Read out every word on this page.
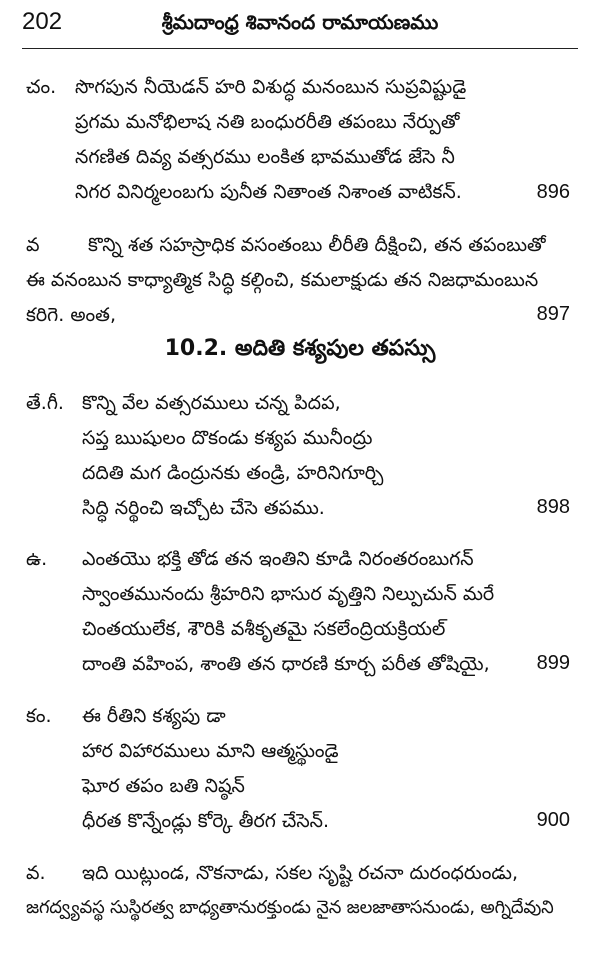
202	శ్రీమదాంధ్ర శివానంద రామాయణము
చం. సొగపున నీయెడన్ హరి విశుద్ధ మనంబున సుప్రవిష్టుడై
ప్రగమ మనోభిలాష నతి బంధురరీతి తపంబు నేర్పుతో
నగణిత దివ్య వత్సరము లంకిత భావముతోడ జేసె నీ
నిగర వినిర్మలంబగు పునీత నితాంత నిశాంత వాటికన్.	896
వ	కొన్ని శత సహస్రాధిక వసంతంబు లీరీతి దీక్షించి, తన తపంబుతో
ఈ వనంబున కాధ్యాత్మిక సిద్ధి కల్గించి, కమలాక్షుడు తన నిజధామంబున
కరిగె. అంత,	897
10.2. అదితి కశ్యపుల తపస్సు
తే.గీ. కొన్ని వేల వత్సరములు చన్న పిదప,
సప్త ఋషులం దొకండు కశ్యప మునీంద్రు
దదితి మగ డింద్రునకు తండ్రి, హరినిగూర్చి
సిద్ధి నర్థించి ఇచ్చోట చేసె తపము.	898
ఉ. ఎంతయొ భక్తి తోడ తన ఇంతిని కూడి నిరంతరంబుగన్
స్వాంతమునందు శ్రీహరిని భాసుర వృత్తిని నిల్పుచున్ మరే
చింతయులేక, శౌరికి వశీకృతమై సకలేంద్రియక్రియల్
దాంతి వహింప, శాంతి తన ధారణి కూర్చ పరీత తోషియై, 899
కం. ఈ రీతిని కశ్యపు డా
హార విహారములు మాని ఆత్మస్థుండై
ఘోర తపం బతి నిష్ఠన్
ధీరత కొన్నేండ్లు కోర్కె తీరగ చేసెన్.	900
వ. ఇది యిట్లుండ, నొకనాడు, సకల సృష్టి రచనా దురంధరుండు,
జగద్వ్యవస్థ సుస్థిరత్వ బాధ్యతానురక్తుండు నైన జలజాతాసనుండు, అగ్నిదేవుని
